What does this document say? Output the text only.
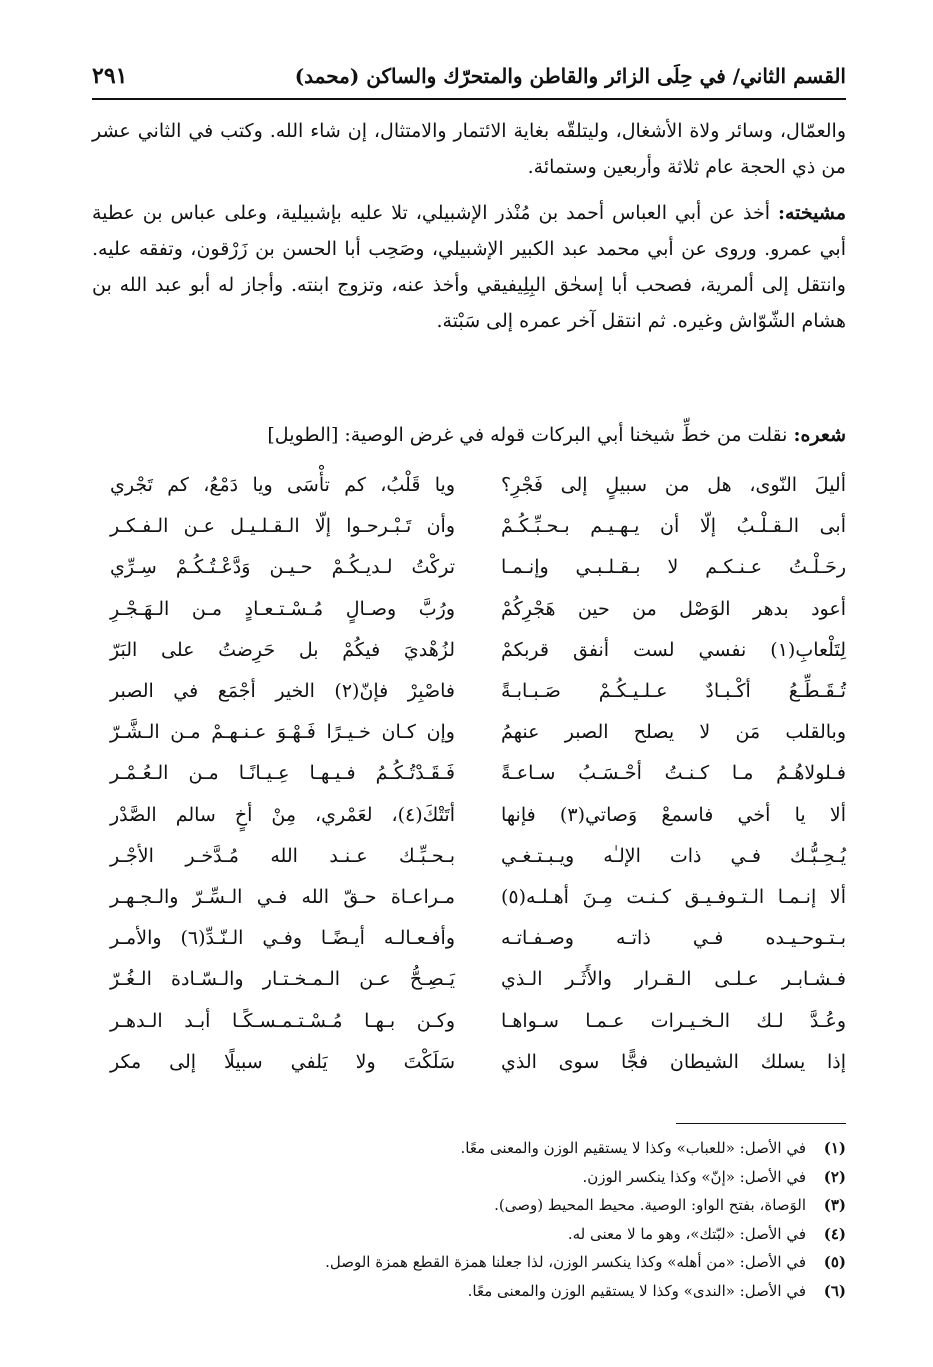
القسم الثاني/ في حِلَى الزائر والقاطن والمتحرّك والساكن (محمد)
٢٩١

والعمّال، وسائر ولاة الأشغال، وليتلقّه بغاية الائتمار والامتثال، إن شاء الله. وكتب في الثاني عشر من ذي الحجة عام ثلاثة وأربعين وستمائة.

مشيخته: أخذ عن أبي العباس أحمد بن مُنْذر الإشبيلي، تلا عليه بإشبيلية، وعلى عباس بن عطية أبي عمرو. وروى عن أبي محمد عبد الكبير الإشبيلي، وصَحِب أبا الحسن بن زَرْقون، وتفقه عليه. وانتقل إلى ألمرية، فصحب أبا إسحٰق البِلِيفيقي وأخذ عنه، وتزوج ابنته. وأجاز له أبو عبد الله بن هشام الشّوّاش وغيره. ثم انتقل آخر عمره إلى سَبْتة.

شعره: نقلت من خطِّ شيخنا أبي البركات قوله في غرض الوصية: [الطويل]

أليلَ النّوى، هل من سبيلٍ إلى فَجْرِ؟
ويا قَلْبُ، كم تأْسَى ويا دَمْعُ، كم تَجْري
أبى الـقـلْـبُ إلّا أن يـهـيـم بـحـبِّـكُـمْ
وأن تَـبْـرحـوا إلّا الـقـلـيـل عـن الـفـكـر
رحَـلْـتُ عـنـكـم لا بـقـلـبـي وإنـمـا
تركْتُ لـديـكُـمْ حـيـن وَدَّعْـتُـكُـمْ سِـرِّي
أعود بدهر الوَصْل من حين هَجْرِكُمْ
ورُبَّ وصـالٍ مُـسْـتـعـادٍ مـن الـهَـجْـرِ
لِتَلْعابِ(١) نفسي لست أنفق قربكمْ
لزُهْديَ فيكُمْ بل حَرِضتُ على البَرّ
تُـقَـطِّـعُ أكْـبـادٌ عـلـيـكُـمْ صَـبـابـةً
فاصْبِرْ فإنّ(٢) الخير أجْمَع في الصبر
وبالقلب مَن لا يصلح الصبر عنهمُ
وإن كـان خـيـرًا فَـهْـوَ عـنـهـمْ مـن الـشَّـرّ
فـلولاهُـمُ مـا كـنـتُ أحْـسَـبُ سـاعـةً
فَـقَـدْتُـكُـمُ فـيـهـا عِـيـانًـا مـن الـعُـمْـر
ألا يا أخي فاسمعْ وَصاتي(٣) فإنها
أتَتْكَ(٤)، لعَمْري، مِنْ أخٍ سالم الصَّدْر
يُـحِـبُّـك فـي ذات الإلـٰه ويـبـتـغـي
بـحـبِّـك عـنـد الله مُـدَّخـر الأجْـر
ألا إنـمـا الـتـوفـيـق كـنـت مِـنَ أهـلـه(٥)
مـراعـاة حـقّ الله فـي الـسِّـرّ والـجـهـر
بـتـوحـيـده فـي ذاتـه وصـفـاتـه
وأفـعـالـه أيـضًـا وفـي الـنّـدِّ(٦) والأمـر
فـشـابـر عـلـى الـقـرار والأَثَـر الـذي
يَـصِـحُّ عـن الـمـخـتـار والـسّـادة الـغُـرّ
وعُـدَّ لـك الـخـيـرات عـمـا سـواهـا
وكـن بـهـا مُـسْـتـمـسـكًـا أبـد الـدهـر
إذا يسلك الشيطان فجًّا سوى الذي
سَلَكْتَ ولا يَلفي سبيلًا إلى مكر
(١)في الأصل: «للعباب» وكذا لا يستقيم الوزن والمعنى معًا.
(٢)في الأصل: «إنّ» وكذا ينكسر الوزن.
(٣)الوَصاة، بفتح الواو: الوصية. محيط المحيط (وصى).
(٤)في الأصل: «لبّتك»، وهو ما لا معنى له.
(٥)في الأصل: «من أهله» وكذا ينكسر الوزن، لذا جعلنا همزة القطع همزة الوصل.
(٦)في الأصل: «الندى» وكذا لا يستقيم الوزن والمعنى معًا.
